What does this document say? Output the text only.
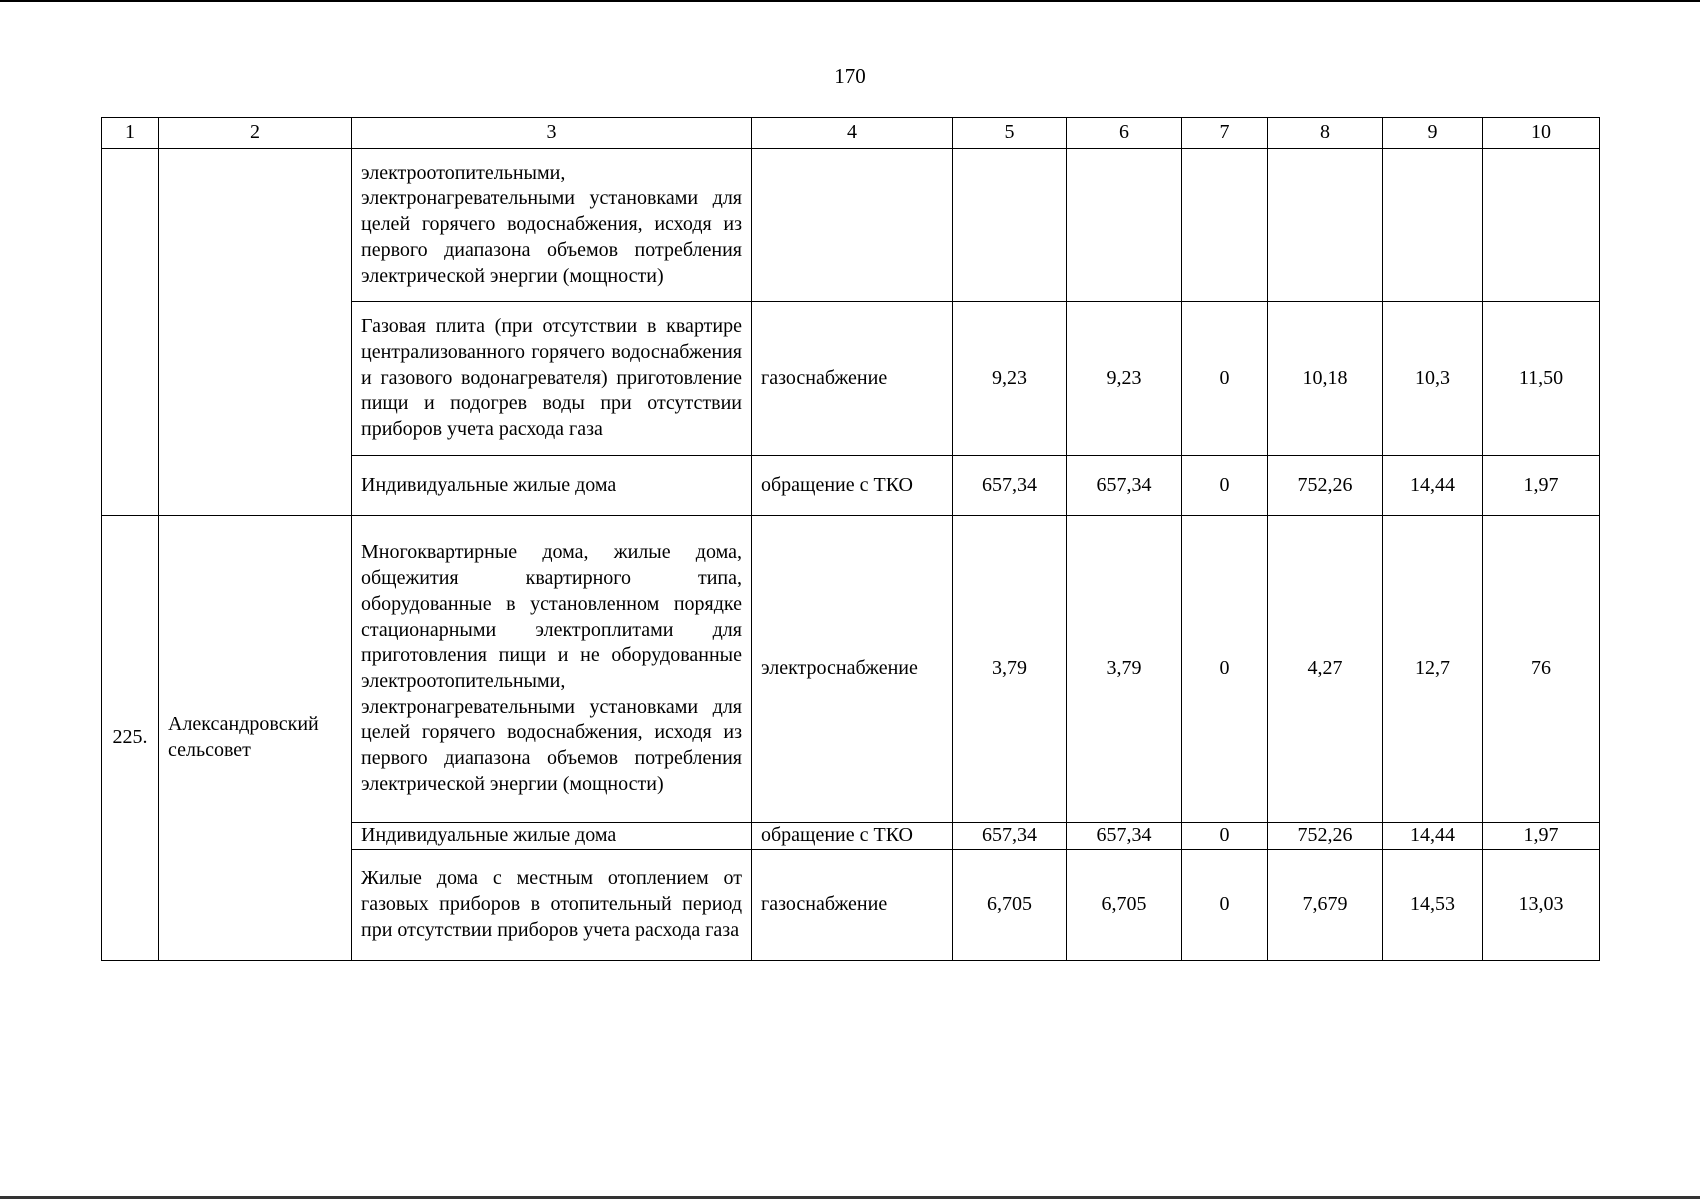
170
1	2	3	4	5	6	7	8	9	10
		электроотопительными, электронагревательными установками для целей горячего водоснабжения, исходя из первого диапазона объемов потребления электрической энергии (мощности)							
		Газовая плита (при отсутствии в квартире централизованного горячего водоснабжения и газового водонагревателя) приготовление пищи и подогрев воды при отсутствии приборов учета расхода газа	газоснабжение	9,23	9,23	0	10,18	10,3	11,50
		Индивидуальные жилые дома	обращение с ТКО	657,34	657,34	0	752,26	14,44	1,97
225.	Александровский сельсовет	Многоквартирные дома, жилые дома, общежития квартирного типа, оборудованные в установленном порядке стационарными электроплитами для приготовления пищи и не оборудованные электроотопительными, электронагревательными установками для целей горячего водоснабжения, исходя из первого диапазона объемов потребления электрической энергии (мощности)	электроснабжение	3,79	3,79	0	4,27	12,7	76
		Индивидуальные жилые дома	обращение с ТКО	657,34	657,34	0	752,26	14,44	1,97
		Жилые дома с местным отоплением от газовых приборов в отопительный период при отсутствии приборов учета расхода газа	газоснабжение	6,705	6,705	0	7,679	14,53	13,03
